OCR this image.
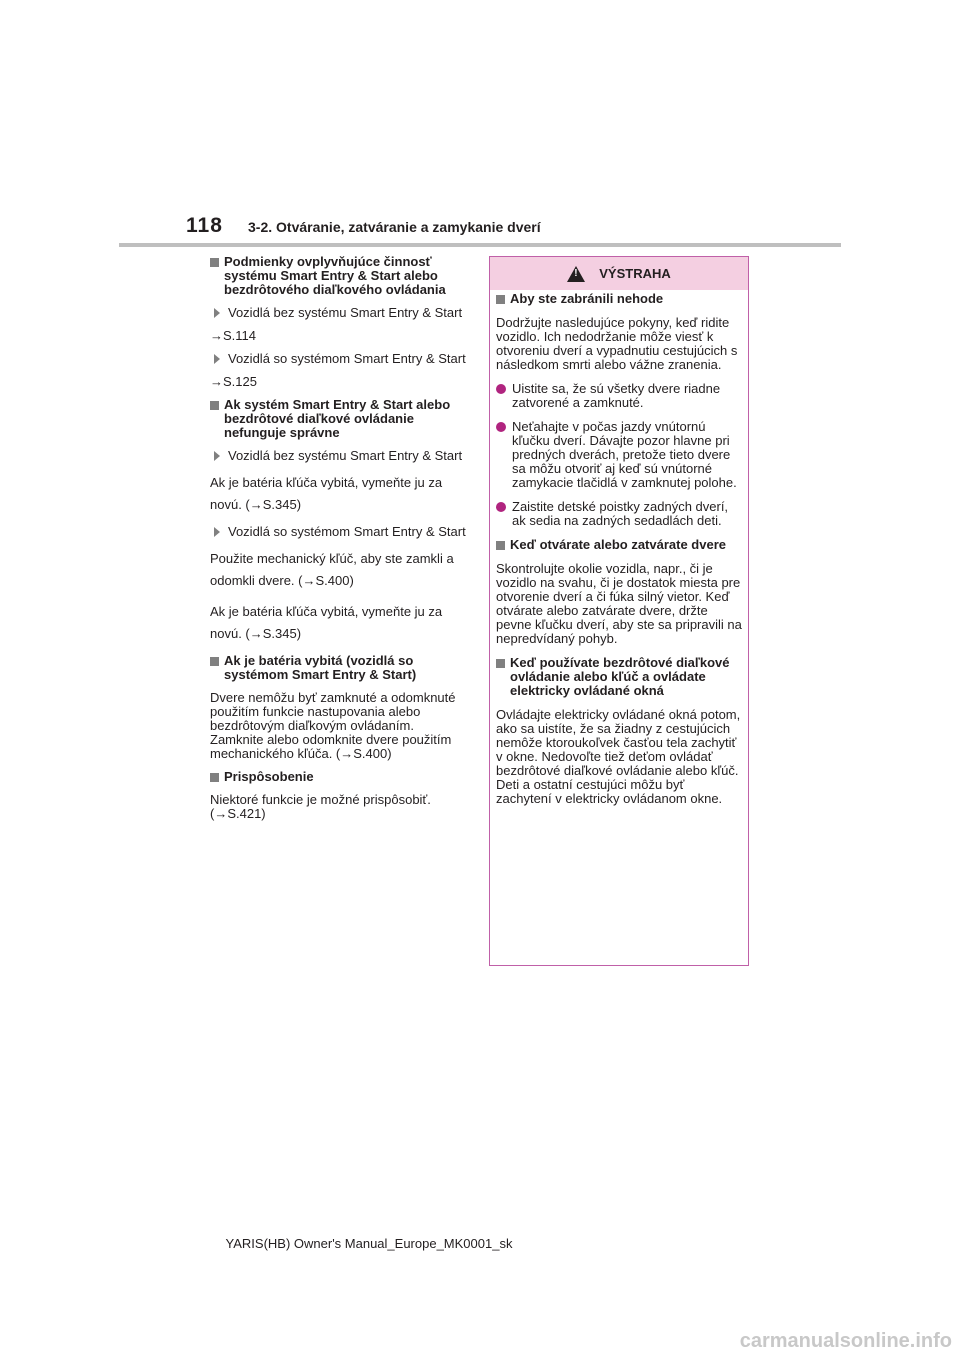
118 3-2. Otváranie, zatváranie a zamykanie dverí
Podmienky ovplyvňujúce činnosť systému Smart Entry & Start alebo bezdrôtového diaľkového ovládania
Vozidlá bez systému Smart Entry & Start
→S.114
Vozidlá so systémom Smart Entry & Start
→S.125
Ak systém Smart Entry & Start alebo bezdrôtové diaľkové ovládanie nefunguje správne
Vozidlá bez systému Smart Entry & Start
Ak je batéria kľúča vybitá, vymeňte ju za novú. (→S.345)
Vozidlá so systémom Smart Entry & Start
Použite mechanický kľúč, aby ste zamkli a odomkli dvere. (→S.400)
Ak je batéria kľúča vybitá, vymeňte ju za novú. (→S.345)
Ak je batéria vybitá (vozidlá so systémom Smart Entry & Start)
Dvere nemôžu byť zamknuté a odomknuté použitím funkcie nastupovania alebo bezdrôtovým diaľkovým ovládaním. Zamknite alebo odomknite dvere použitím mechanického kľúča. (→S.400)
Prispôsobenie
Niektoré funkcie je možné prispôsobiť. (→S.421)
! VÝSTRAHA
Aby ste zabránili nehode
Dodržujte nasledujúce pokyny, keď ridite vozidlo. Ich nedodržanie môže viesť k otvoreniu dverí a vypadnutiu cestujúcich s následkom smrti alebo vážne zranenia.
Uistite sa, že sú všetky dvere riadne zatvorené a zamknuté.
Neťahajte v počas jazdy vnútornú kľučku dverí. Dávajte pozor hlavne pri predných dverách, pretože tieto dvere sa môžu otvoriť aj keď sú vnútorné zamykacie tlačidlá v zamknutej polohe.
Zaistite detské poistky zadných dverí, ak sedia na zadných sedadlách deti.
Keď otvárate alebo zatvárate dvere
Skontrolujte okolie vozidla, napr., či je vozidlo na svahu, či je dostatok miesta pre otvorenie dverí a či fúka silný vietor. Keď otvárate alebo zatvárate dvere, držte pevne kľučku dverí, aby ste sa pripravili na nepredvídaný pohyb.
Keď používate bezdrôtové diaľkové ovládanie alebo kľúč a ovládate elektricky ovládané okná
Ovládajte elektricky ovládané okná potom, ako sa uistíte, že sa žiadny z cestujúcich nemôže ktoroukoľvek časťou tela zachytiť v okne. Nedovoľte tiež deťom ovládať bezdrôtové diaľkové ovládanie alebo kľúč. Deti a ostatní cestujúci môžu byť zachytení v elektricky ovládanom okne.
YARIS(HB) Owner's Manual_Europe_MK0001_sk
carmanualsonline.info
